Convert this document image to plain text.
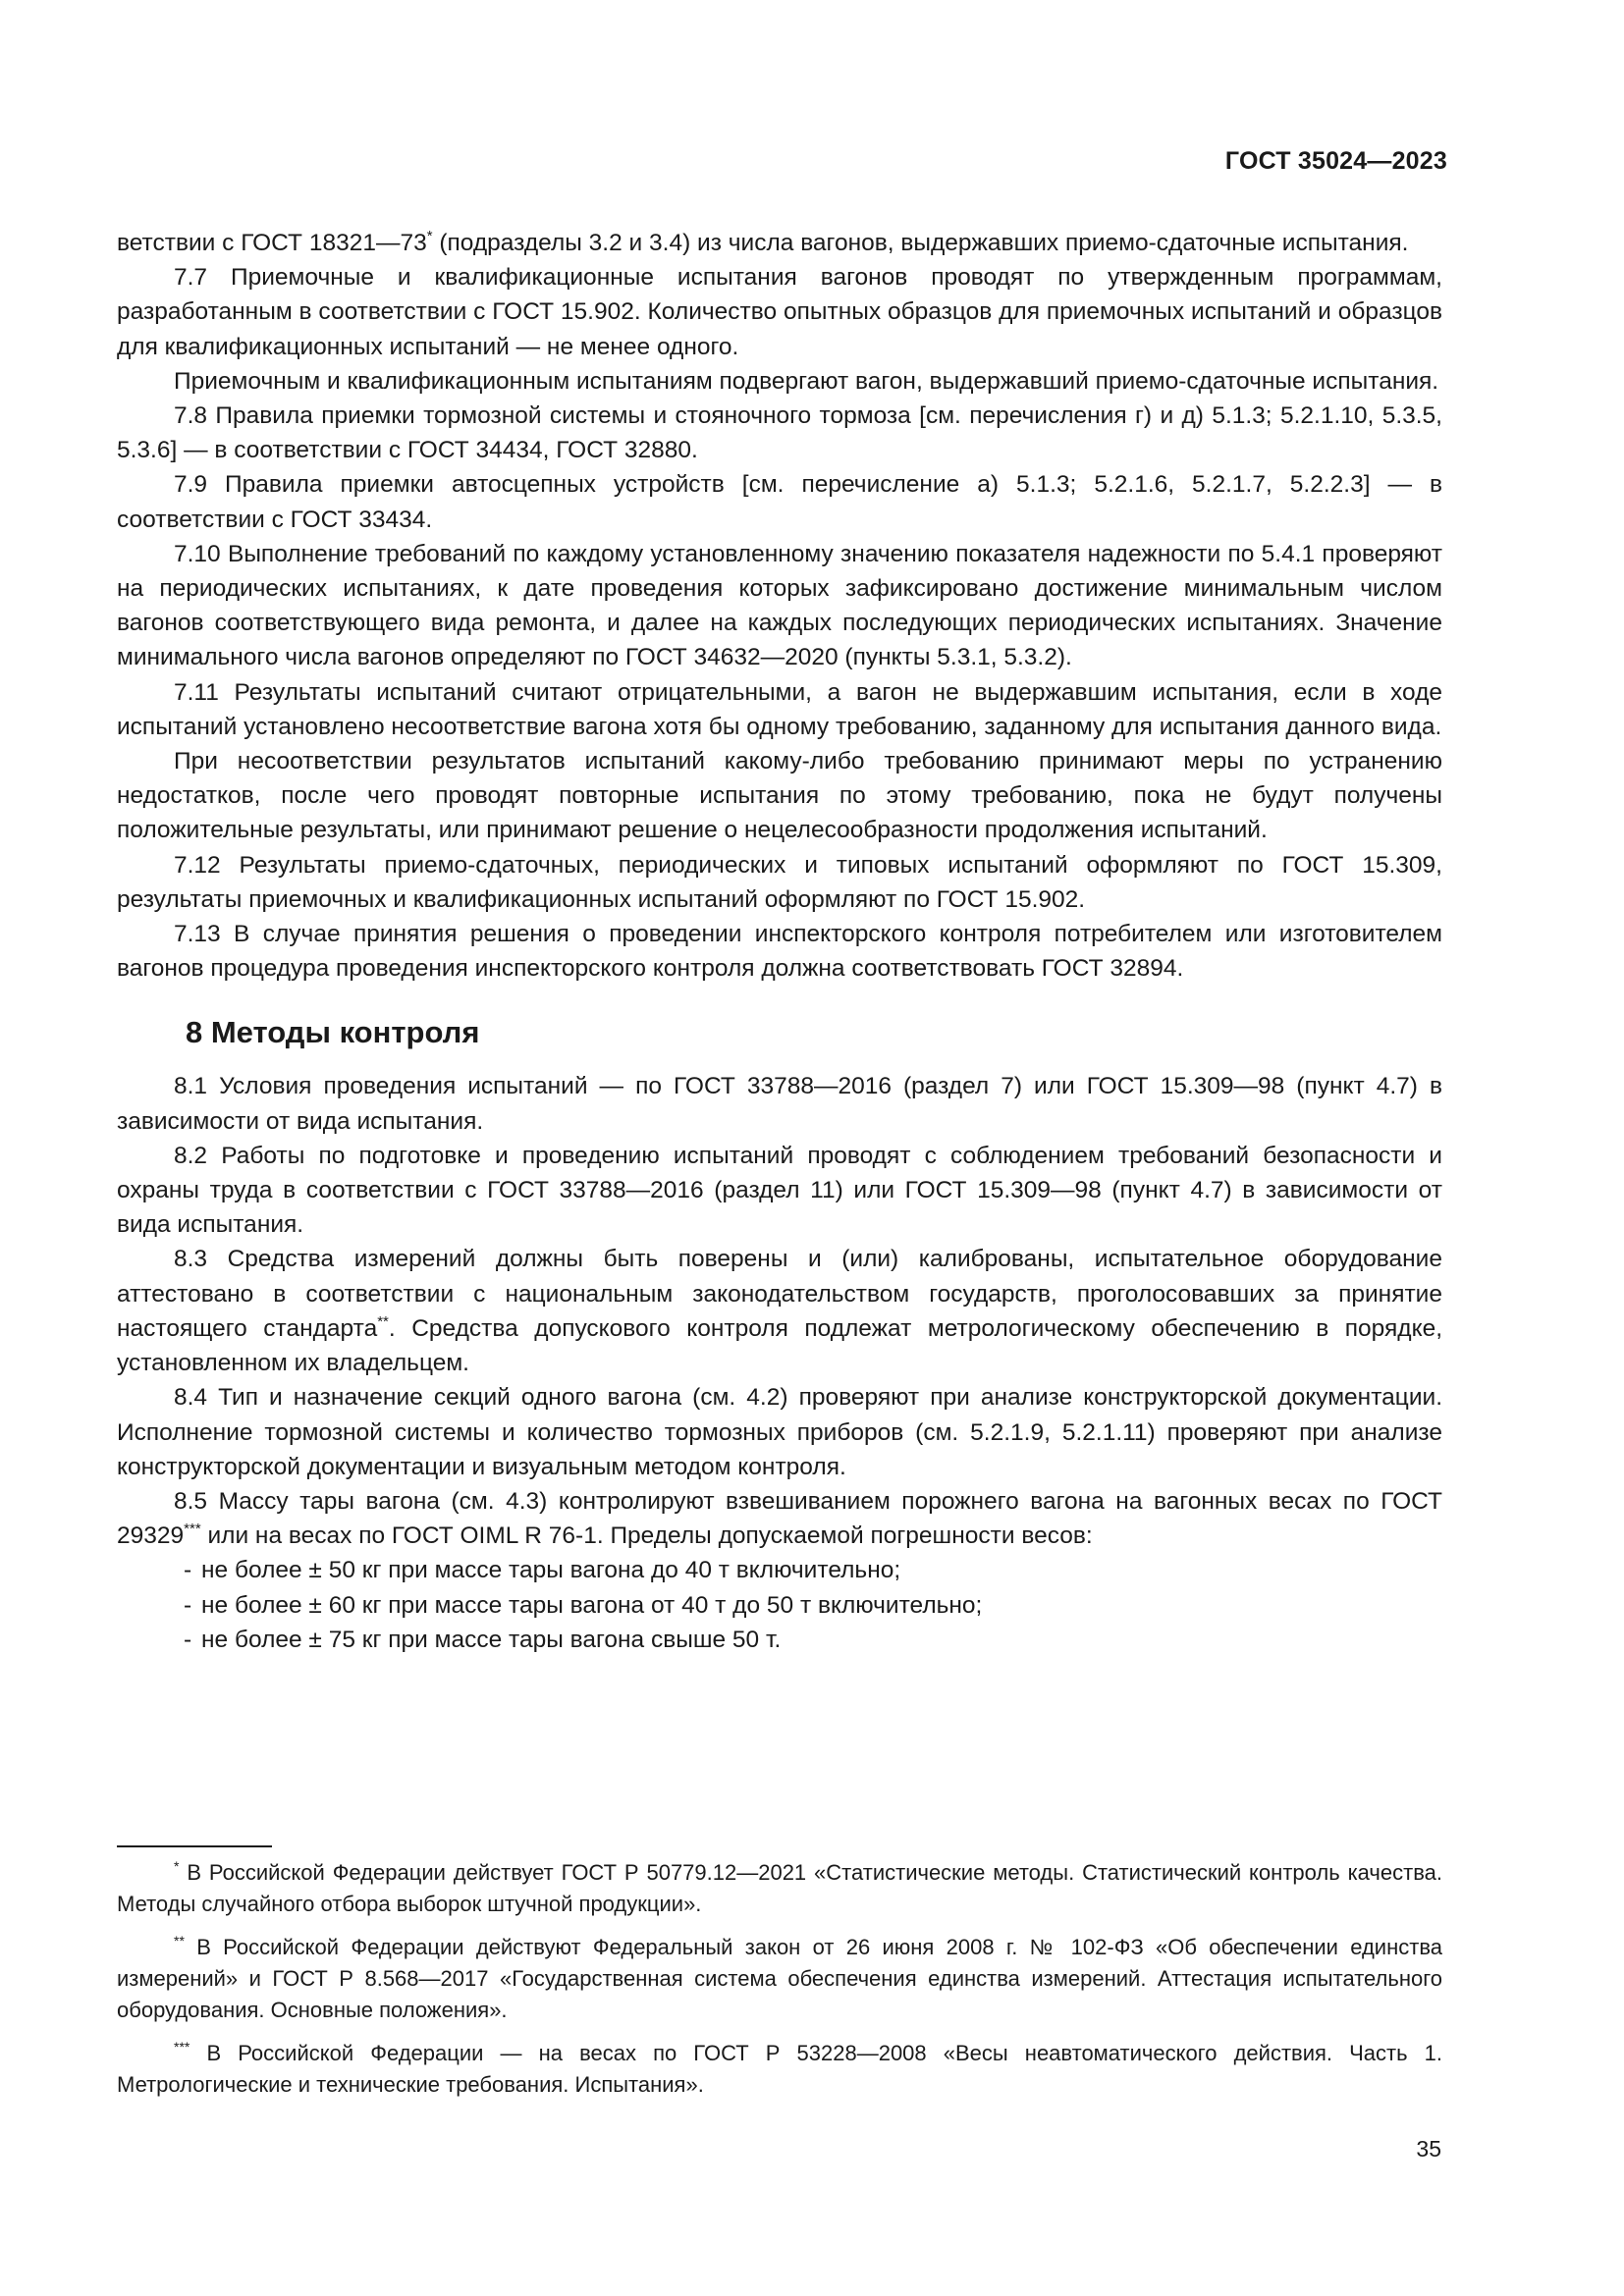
ГОСТ 35024—2023

ветствии с ГОСТ 18321—73* (подразделы 3.2 и 3.4) из числа вагонов, выдержавших приемо-сдаточные испытания.

7.7 Приемочные и квалификационные испытания вагонов проводят по утвержденным программам, разработанным в соответствии с ГОСТ 15.902. Количество опытных образцов для приемочных испытаний и образцов для квалификационных испытаний — не менее одного.

Приемочным и квалификационным испытаниям подвергают вагон, выдержавший приемо-сдаточные испытания.

7.8 Правила приемки тормозной системы и стояночного тормоза [см. перечисления г) и д) 5.1.3; 5.2.1.10, 5.3.5, 5.3.6] — в соответствии с ГОСТ 34434, ГОСТ 32880.

7.9 Правила приемки автосцепных устройств [см. перечисление а) 5.1.3; 5.2.1.6, 5.2.1.7, 5.2.2.3] — в соответствии с ГОСТ 33434.

7.10 Выполнение требований по каждому установленному значению показателя надежности по 5.4.1 проверяют на периодических испытаниях, к дате проведения которых зафиксировано достижение минимальным числом вагонов соответствующего вида ремонта, и далее на каждых последующих периодических испытаниях. Значение минимального числа вагонов определяют по ГОСТ 34632—2020 (пункты 5.3.1, 5.3.2).

7.11 Результаты испытаний считают отрицательными, а вагон не выдержавшим испытания, если в ходе испытаний установлено несоответствие вагона хотя бы одному требованию, заданному для испытания данного вида.

При несоответствии результатов испытаний какому-либо требованию принимают меры по устранению недостатков, после чего проводят повторные испытания по этому требованию, пока не будут получены положительные результаты, или принимают решение о нецелесообразности продолжения испытаний.

7.12 Результаты приемо-сдаточных, периодических и типовых испытаний оформляют по ГОСТ 15.309, результаты приемочных и квалификационных испытаний оформляют по ГОСТ 15.902.

7.13 В случае принятия решения о проведении инспекторского контроля потребителем или изготовителем вагонов процедура проведения инспекторского контроля должна соответствовать ГОСТ 32894.

8 Методы контроля

8.1 Условия проведения испытаний — по ГОСТ 33788—2016 (раздел 7) или ГОСТ 15.309—98 (пункт 4.7) в зависимости от вида испытания.

8.2 Работы по подготовке и проведению испытаний проводят с соблюдением требований безопасности и охраны труда в соответствии с ГОСТ 33788—2016 (раздел 11) или ГОСТ 15.309—98 (пункт 4.7) в зависимости от вида испытания.

8.3 Средства измерений должны быть поверены и (или) калиброваны, испытательное оборудование аттестовано в соответствии с национальным законодательством государств, проголосовавших за принятие настоящего стандарта**. Средства допускового контроля подлежат метрологическому обеспечению в порядке, установленном их владельцем.

8.4 Тип и назначение секций одного вагона (см. 4.2) проверяют при анализе конструкторской документации. Исполнение тормозной системы и количество тормозных приборов (см. 5.2.1.9, 5.2.1.11) проверяют при анализе конструкторской документации и визуальным методом контроля.

8.5 Массу тары вагона (см. 4.3) контролируют взвешиванием порожнего вагона на вагонных весах по ГОСТ 29329*** или на весах по ГОСТ OIML R 76-1. Пределы допускаемой погрешности весов:

- не более ± 50 кг при массе тары вагона до 40 т включительно;
- не более ± 60 кг при массе тары вагона от 40 т до 50 т включительно;
- не более ± 75 кг при массе тары вагона свыше 50 т.

* В Российской Федерации действует ГОСТ Р 50779.12—2021 «Статистические методы. Статистический контроль качества. Методы случайного отбора выборок штучной продукции».

** В Российской Федерации действуют Федеральный закон от 26 июня 2008 г. № 102-ФЗ «Об обеспечении единства измерений» и ГОСТ Р 8.568—2017 «Государственная система обеспечения единства измерений. Аттестация испытательного оборудования. Основные положения».

*** В Российской Федерации — на весах по ГОСТ Р 53228—2008 «Весы неавтоматического действия. Часть 1. Метрологические и технические требования. Испытания».

35
